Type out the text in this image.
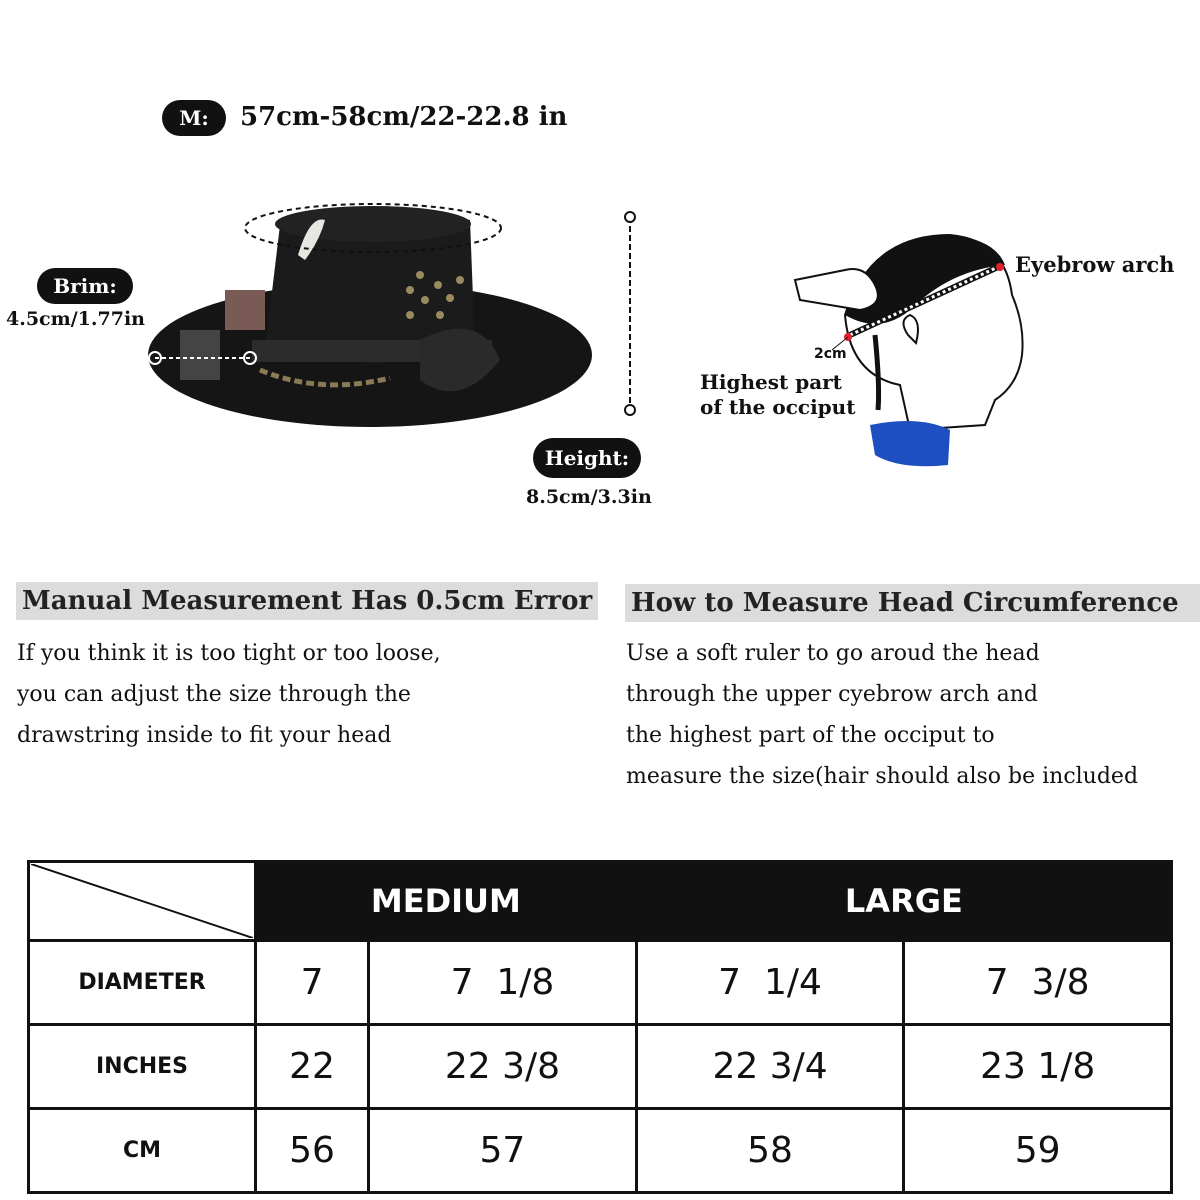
M: 57cm-58cm/22-22.8 in
Brim:
4.5cm/1.77in
Height:
8.5cm/3.3in
Eyebrow arch
2cm
Highest part
of the occiput
Manual Measurement Has 0.5cm Error
If you think it is too tight or too loose,
you can adjust the size through the
drawstring inside to fit your head
How to Measure Head Circumference
Use a soft ruler to go aroud the head
through the upper cyebrow arch and
the highest part of the occiput to
measure the size(hair should also be included
	MEDIUM		LARGE	
DIAMETER	7	7  1/8	7  1/4	7  3/8
INCHES	22	22 3/8	22 3/4	23 1/8
CM	56	57	58	59
